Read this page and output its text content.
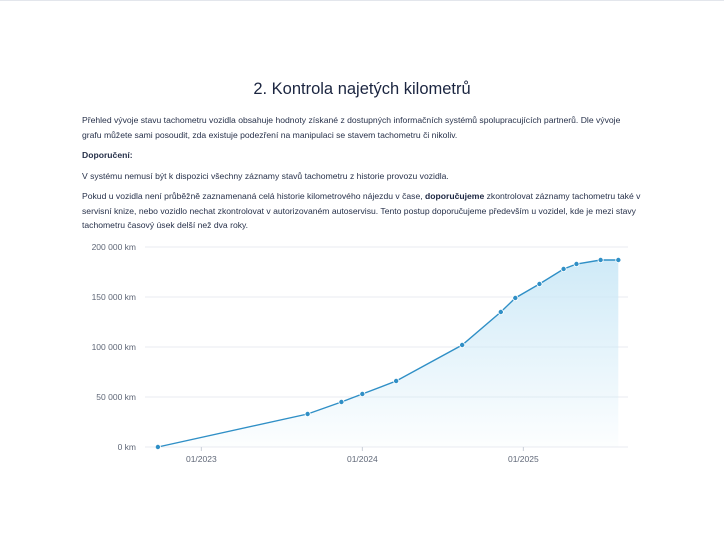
2. Kontrola najetých kilometrů

Přehled vývoje stavu tachometru vozidla obsahuje hodnoty získané z dostupných informačních systémů spolupracujících partnerů. Dle vývoje grafu můžete sami posoudit, zda existuje podezření na manipulaci se stavem tachometru či nikoliv.

Doporučení:

V systému nemusí být k dispozici všechny záznamy stavů tachometru z historie provozu vozidla.

Pokud u vozidla není průběžně zaznamenaná celá historie kilometrového nájezdu v čase, doporučujeme zkontrolovat záznamy tachometru také v servisní knize, nebo vozidlo nechat zkontrolovat v autorizovaném autoservisu. Tento postup doporučujeme především u vozidel, kde je mezi stavy tachometru časový úsek delší než dva roky.

0 km
50 000 km
100 000 km
150 000 km
200 000 km
01/2023	01/2024	01/2025
